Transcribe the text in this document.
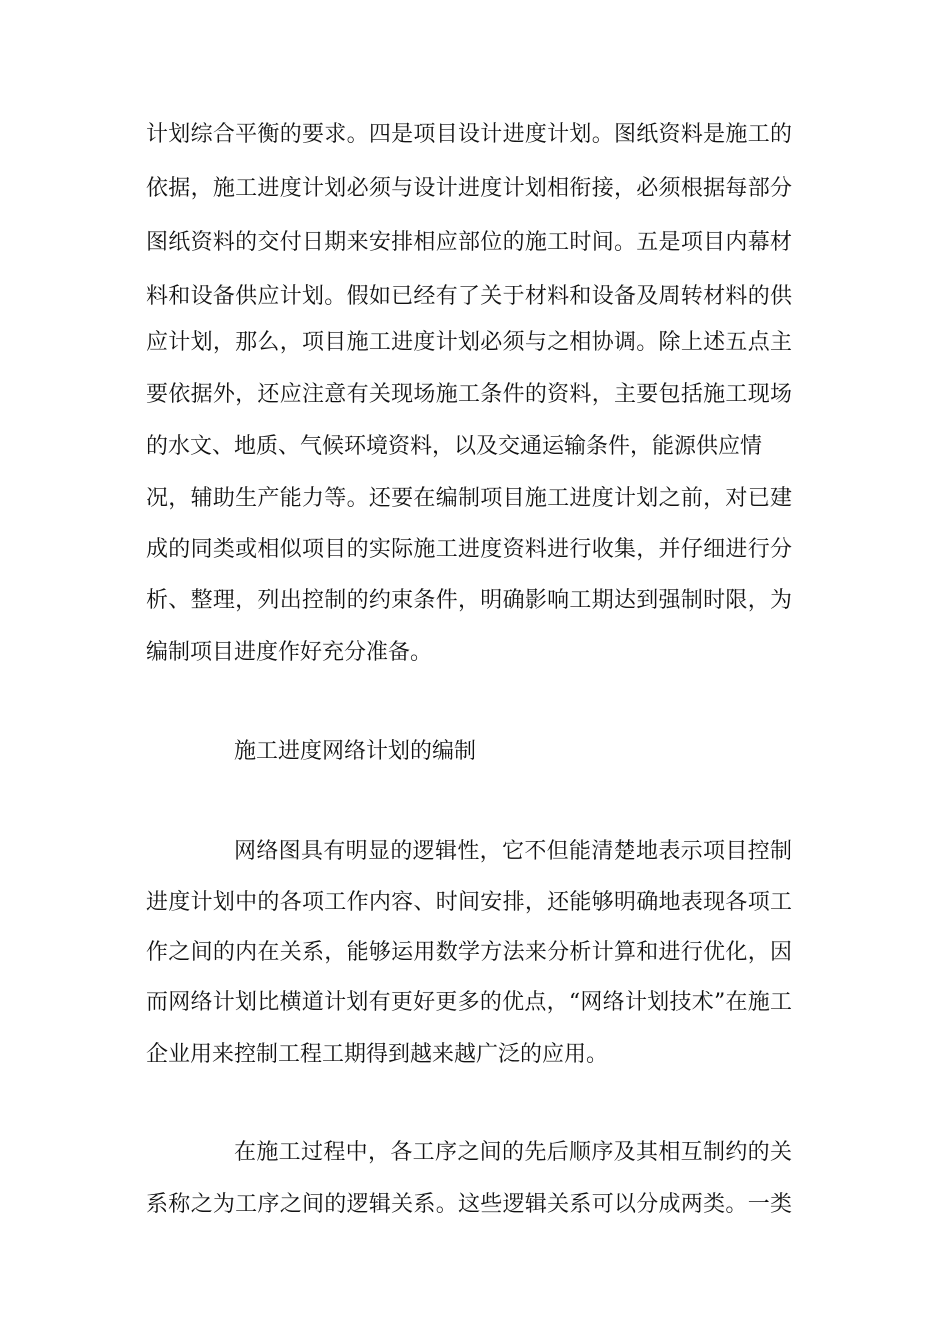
计划综合平衡的要求。四是项目设计进度计划。图纸资料是施工的

依据，施工进度计划必须与设计进度计划相衔接，必须根据每部分

图纸资料的交付日期来安排相应部位的施工时间。五是项目内幕材

料和设备供应计划。假如已经有了关于材料和设备及周转材料的供

应计划，那么，项目施工进度计划必须与之相协调。除上述五点主

要依据外，还应注意有关现场施工条件的资料，主要包括施工现场

的水文、地质、气候环境资料，以及交通运输条件，能源供应情

况，辅助生产能力等。还要在编制项目施工进度计划之前，对已建

成的同类或相似项目的实际施工进度资料进行收集，并仔细进行分

析、整理，列出控制的约束条件，明确影响工期达到强制时限，为

编制项目进度作好充分准备。

施工进度网络计划的编制

网络图具有明显的逻辑性，它不但能清楚地表示项目控制

进度计划中的各项工作内容、时间安排，还能够明确地表现各项工

作之间的内在关系，能够运用数学方法来分析计算和进行优化，因

而网络计划比横道计划有更好更多的优点，“网络计划技术”在施工

企业用来控制工程工期得到越来越广泛的应用。

在施工过程中，各工序之间的先后顺序及其相互制约的关

系称之为工序之间的逻辑关系。这些逻辑关系可以分成两类。一类
